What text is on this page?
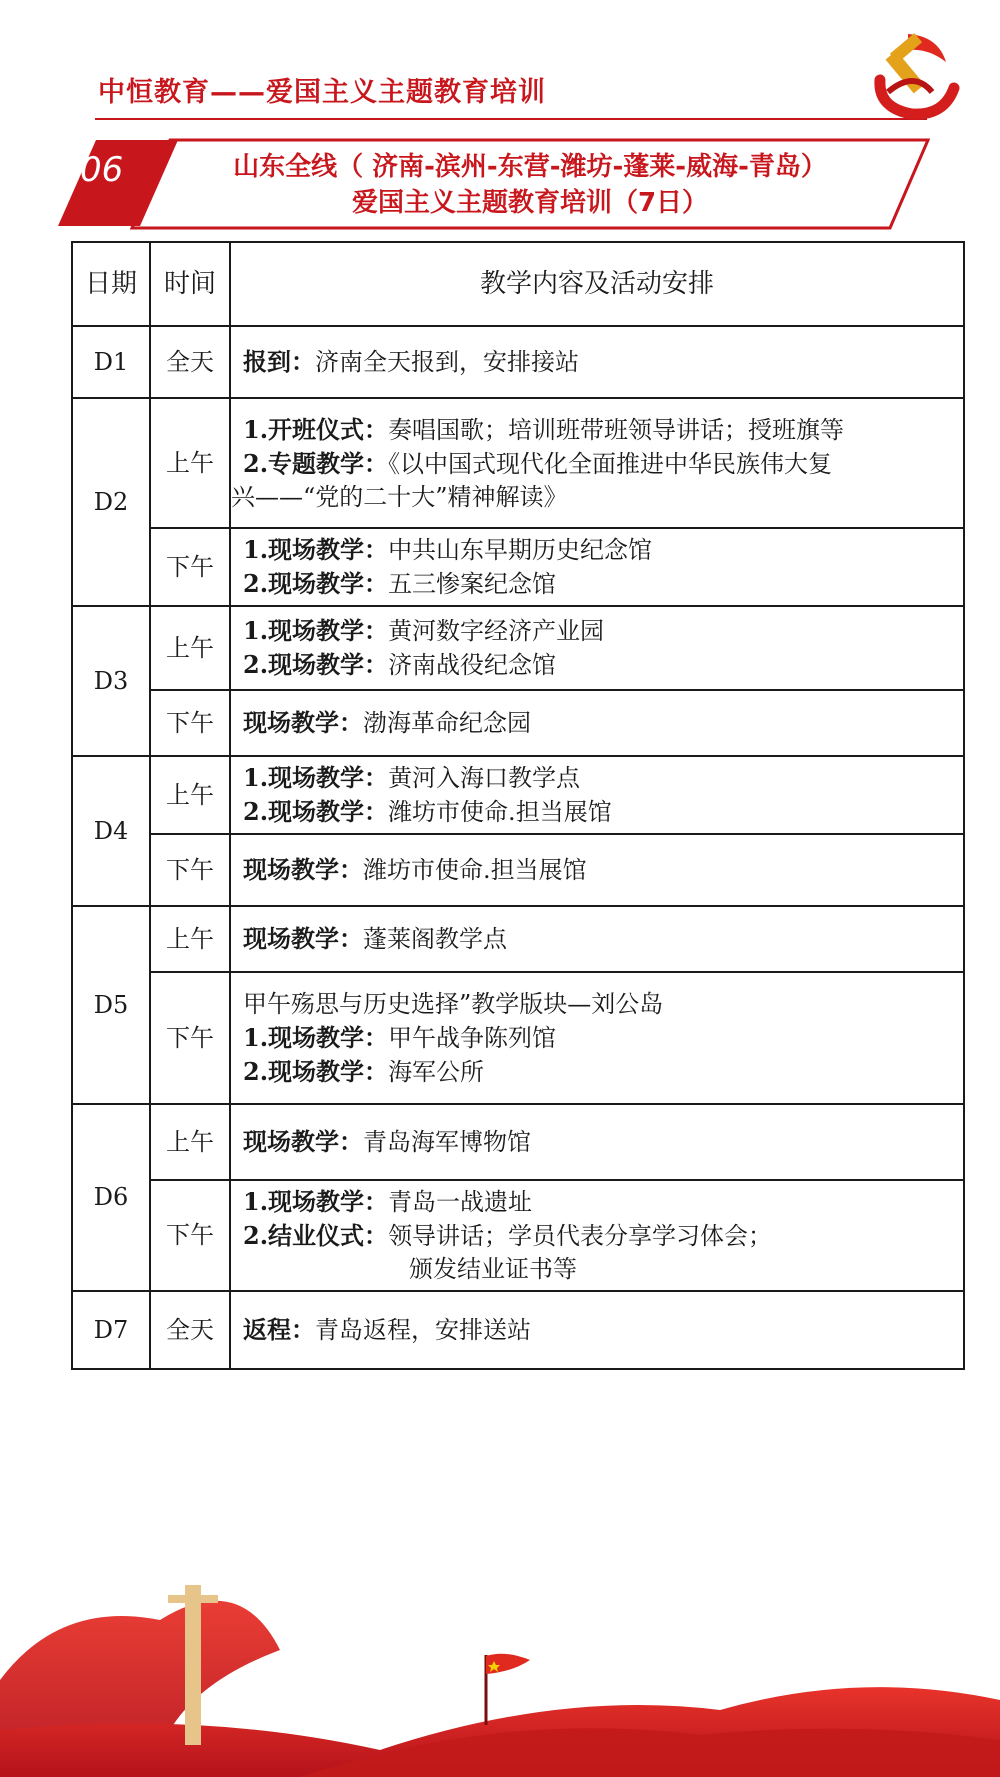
中恒教育——爱国主义主题教育培训
06	山东全线（ 济南-滨州-东营-潍坊-蓬莱-威海-青岛）
爱国主义主题教育培训（7日）
日期	时间	教学内容及活动安排
D1	全天	报到：济南全天报到，安排接站

D2	上午	1.开班仪式：奏唱国歌；培训班带班领导讲话；授班旗等
2.专题教学：《以中国式现代化全面推进中华民族伟大复
兴——“党的二十大”精神解读》

	下午	1.现场教学：中共山东早期历史纪念馆
2.现场教学：五三惨案纪念馆

D3	上午	1.现场教学：黄河数字经济产业园
2.现场教学：济南战役纪念馆

	下午	现场教学：渤海革命纪念园

D4	上午	1.现场教学：黄河入海口教学点
2.现场教学：潍坊市使命.担当展馆

	下午	现场教学：潍坊市使命.担当展馆

D5	上午	现场教学：蓬莱阁教学点

	下午	甲午殇思与历史选择”教学版块—刘公岛
1.现场教学：甲午战争陈列馆
2.现场教学：海军公所

D6	上午	现场教学：青岛海军博物馆

	下午	1.现场教学：青岛一战遗址
2.结业仪式：领导讲话；学员代表分享学习体会；
颁发结业证书等

D7	全天	返程：青岛返程，安排送站
